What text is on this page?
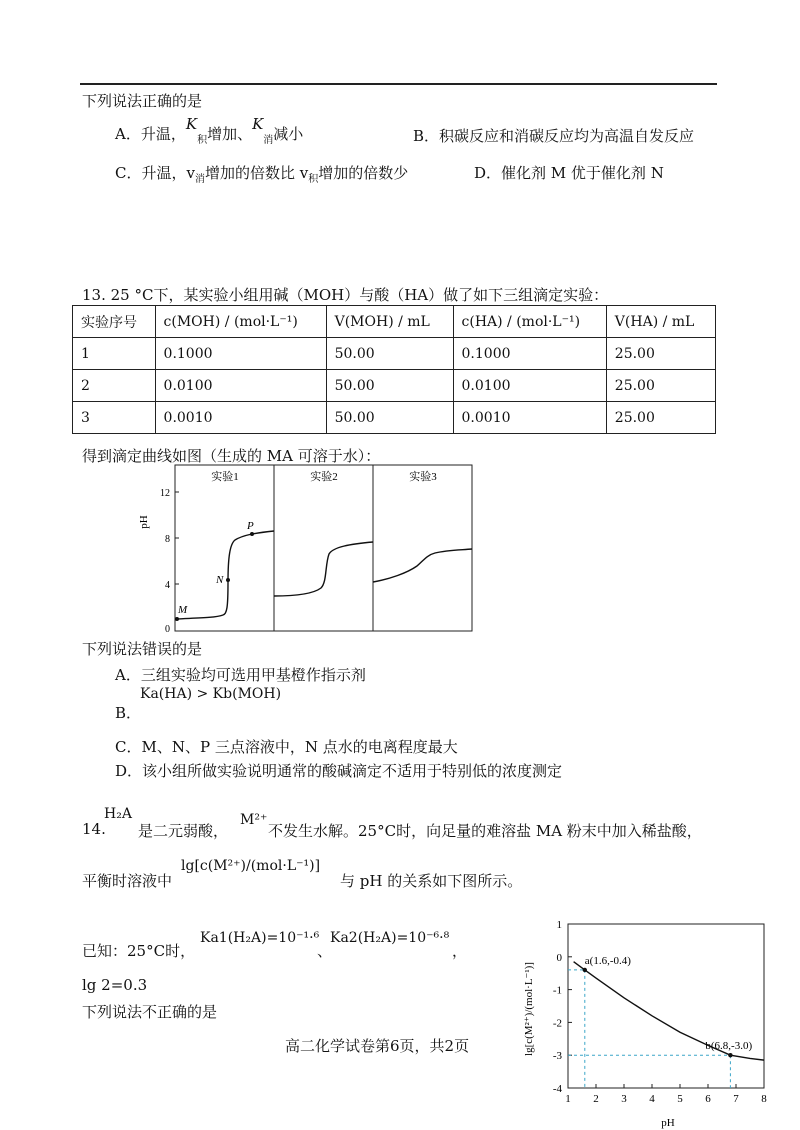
下列说法正确的是
A．升温，$K_积$增加、$K_消$减小	B．积碳反应和消碳反应均为高温自发反应
C．升温，$v_消$增加的倍数比 $v_积$增加的倍数少	D．催化剂 M 优于催化剂 N
13. 25 °C下，某实验小组用碱（MOH）与酸（HA）做了如下三组滴定实验：
实验序号	c(MOH) / (mol·L⁻¹)	V(MOH) / mL	c(HA) / (mol·L⁻¹)	V(HA) / mL
1	0.1000	50.00	0.1000	25.00
2	0.0100	50.00	0.0100	25.00
3	0.0010	50.00	0.0010	25.00
得到滴定曲线如图（生成的 MA 可溶于水）：
实验1	实验2	实验3
12
8
4
0
pH
M
N
P
下列说法错误的是
A．三组实验均可选用甲基橙作指示剂
B．
Ka(HA) > Kb(MOH)
C．M、N、P 三点溶液中，N 点水的电离程度最大
D．该小组所做实验说明通常的酸碱滴定不适用于特别低的浓度测定
14.
H₂A
是二元弱酸，
M²⁺
不发生水解。25°C时，向足量的难溶盐 MA 粉末中加入稀盐酸，
平衡时溶液中
lg[c(M²⁺)/(mol·L⁻¹)]
与 pH 的关系如下图所示。
已知：25°C时，
Ka1(H₂A)=10⁻¹·⁶
、
Ka2(H₂A)=10⁻⁶·⁸
，
lg 2=0.3
下列说法不正确的是	lg[c(M²⁺)/(mol·L⁻¹)]
pH
1 2 3 4 5 6 7 8
-4
-3
-2
-1
0
1
a(1.6,-0.4)
b(6.8,-3.0)
高二化学试卷第6页，共2页
